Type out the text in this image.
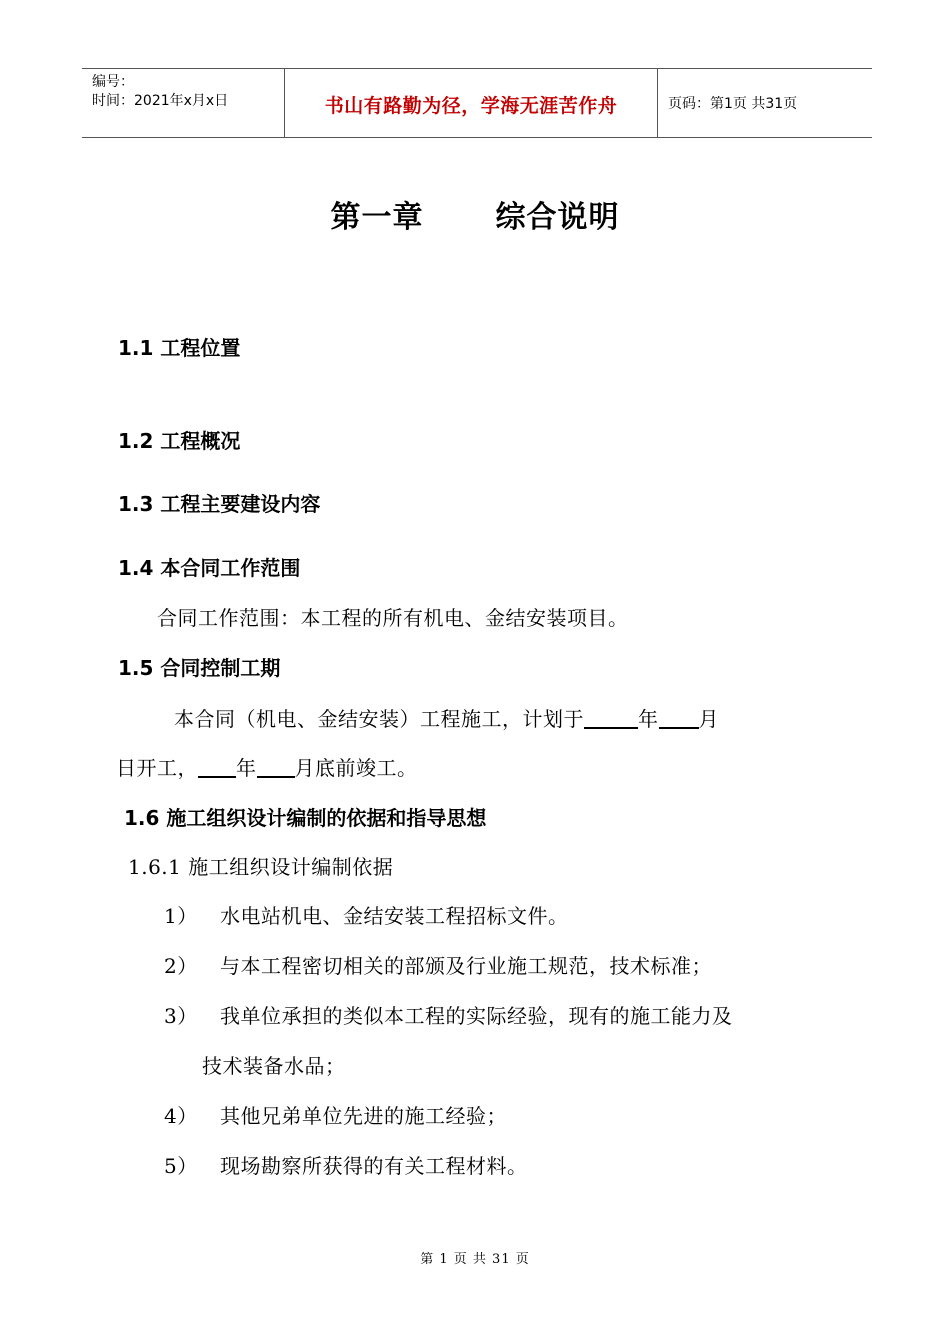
编号：
时间：2021年x月x日	书山有路勤为径，学海无涯苦作舟	页码：第1页 共31页
第一章 综合说明
1.1 工程位置
1.2 工程概况
1.3 工程主要建设内容
1.4 本合同工作范围
合同工作范围：本工程的所有机电、金结安装项目。
1.5 合同控制工期
本合同（机电、金结安装）工程施工，计划于	年 月
日开工， 年 月底前竣工。
1.6 施工组织设计编制的依据和指导思想
1.6.1 施工组织设计编制依据
1） 水电站机电、金结安装工程招标文件。
2） 与本工程密切相关的部颁及行业施工规范，技术标准；
3） 我单位承担的类似本工程的实际经验，现有的施工能力及
技术装备水品；
4） 其他兄弟单位先进的施工经验；
5） 现场勘察所获得的有关工程材料。
第 1 页 共 31 页
